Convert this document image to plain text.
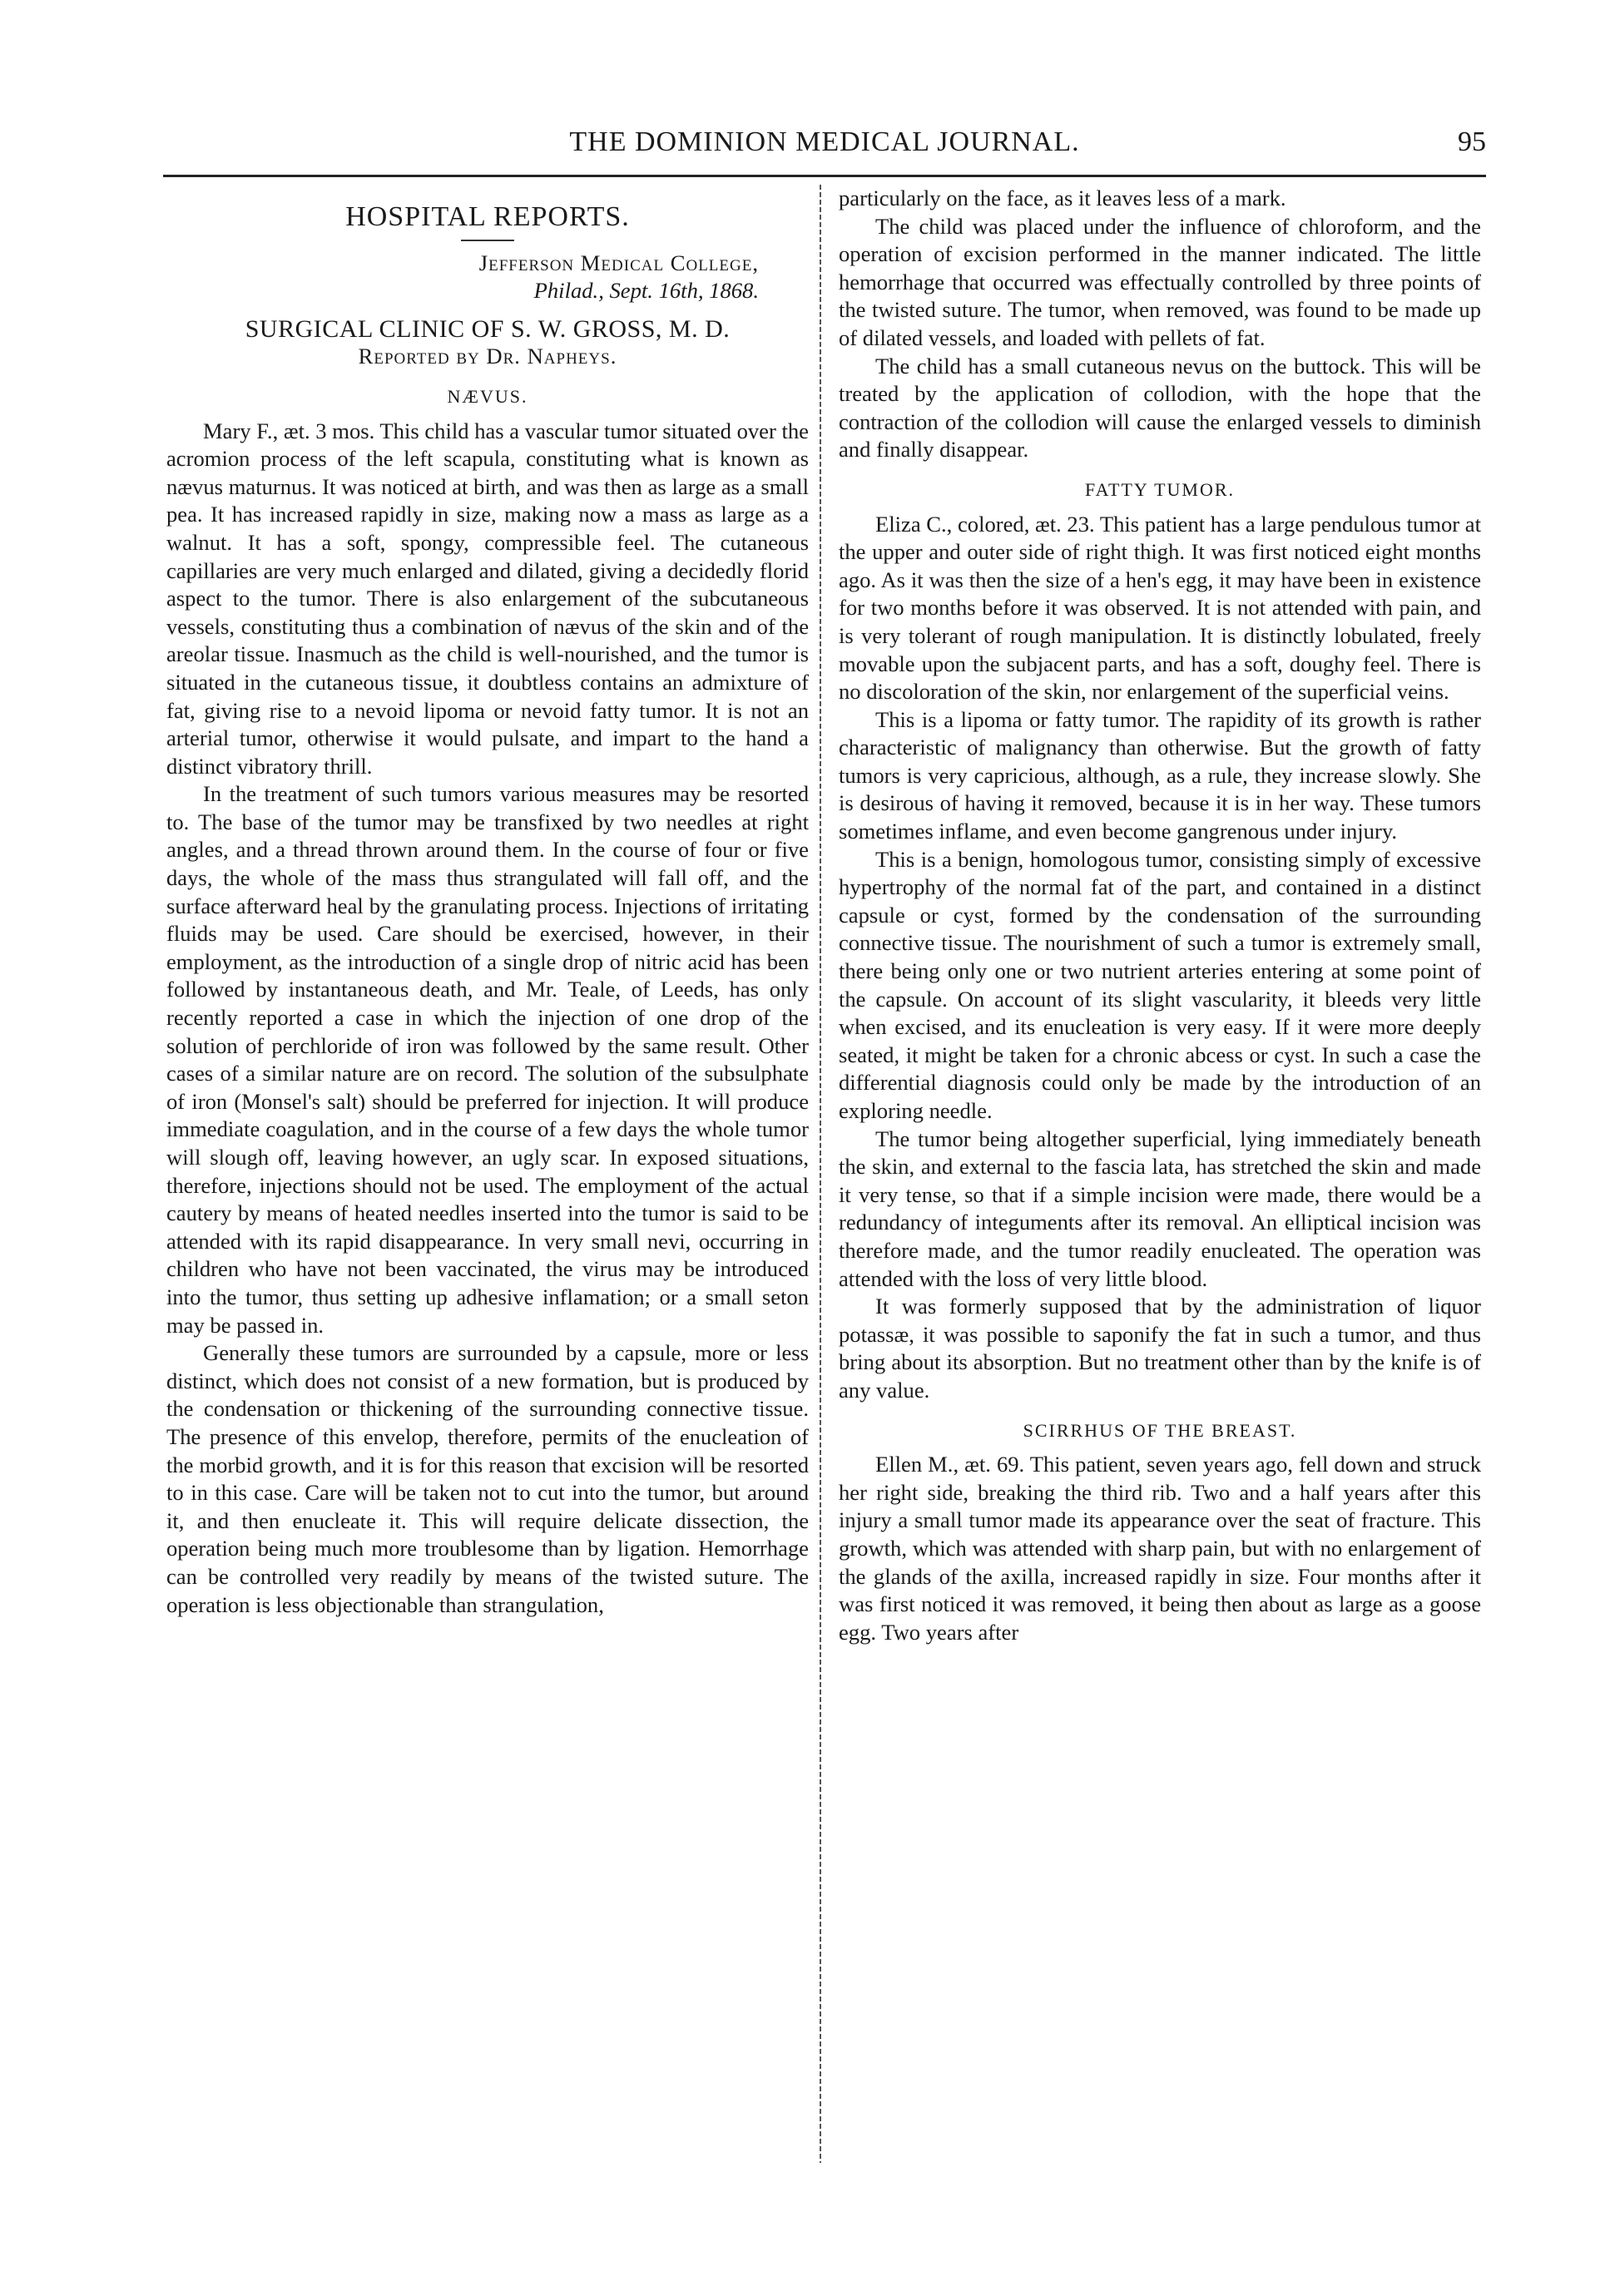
THE DOMINION MEDICAL JOURNAL.	95
HOSPITAL REPORTS.
Jefferson Medical College,
Philad., Sept. 16th, 1868.
SURGICAL CLINIC OF S. W. GROSS, M. D.
Reported by Dr. Napheys.
NÆVUS.

Mary F., æt. 3 mos. This child has a vascular tumor situated over the acromion process of the left scapula, constituting what is known as nævus maturnus. It was noticed at birth, and was then as large as a small pea. It has increased rapidly in size, making now a mass as large as a walnut. It has a soft, spongy, compressible feel. The cutaneous capillaries are very much enlarged and dilated, giving a decidedly florid aspect to the tumor. There is also enlargement of the subcutaneous vessels, constituting thus a combination of nævus of the skin and of the areolar tissue. Inasmuch as the child is well-nourished, and the tumor is situated in the cutaneous tissue, it doubtless contains an admixture of fat, giving rise to a nevoid lipoma or nevoid fatty tumor. It is not an arterial tumor, otherwise it would pulsate, and impart to the hand a distinct vibratory thrill.

In the treatment of such tumors various measures may be resorted to. The base of the tumor may be transfixed by two needles at right angles, and a thread thrown around them. In the course of four or five days, the whole of the mass thus strangulated will fall off, and the surface afterward heal by the granulating process. Injections of irritating fluids may be used. Care should be exercised, however, in their employment, as the introduction of a single drop of nitric acid has been followed by instantaneous death, and Mr. Teale, of Leeds, has only recently reported a case in which the injection of one drop of the solution of perchloride of iron was followed by the same result. Other cases of a similar nature are on record. The solution of the subsulphate of iron (Monsel's salt) should be preferred for injection. It will produce immediate coagulation, and in the course of a few days the whole tumor will slough off, leaving however, an ugly scar. In exposed situations, therefore, injections should not be used. The employment of the actual cautery by means of heated needles inserted into the tumor is said to be attended with its rapid disappearance. In very small nevi, occurring in children who have not been vaccinated, the virus may be introduced into the tumor, thus setting up adhesive inflamation; or a small seton may be passed in.

Generally these tumors are surrounded by a capsule, more or less distinct, which does not consist of a new formation, but is produced by the condensation or thickening of the surrounding connective tissue. The presence of this envelop, therefore, permits of the enucleation of the morbid growth, and it is for this reason that excision will be resorted to in this case. Care will be taken not to cut into the tumor, but around it, and then enucleate it. This will require delicate dissection, the operation being much more troublesome than by ligation. Hemorrhage can be controlled very readily by means of the twisted suture. The operation is less objectionable than strangulation,

particularly on the face, as it leaves less of a mark.

The child was placed under the influence of chloroform, and the operation of excision performed in the manner indicated. The little hemorrhage that occurred was effectually controlled by three points of the twisted suture. The tumor, when removed, was found to be made up of dilated vessels, and loaded with pellets of fat.

The child has a small cutaneous nevus on the buttock. This will be treated by the application of collodion, with the hope that the contraction of the collodion will cause the enlarged vessels to diminish and finally disappear.

FATTY TUMOR.

Eliza C., colored, æt. 23. This patient has a large pendulous tumor at the upper and outer side of right thigh. It was first noticed eight months ago. As it was then the size of a hen's egg, it may have been in existence for two months before it was observed. It is not attended with pain, and is very tolerant of rough manipulation. It is distinctly lobulated, freely movable upon the subjacent parts, and has a soft, doughy feel. There is no discoloration of the skin, nor enlargement of the superficial veins.

This is a lipoma or fatty tumor. The rapidity of its growth is rather characteristic of malignancy than otherwise. But the growth of fatty tumors is very capricious, although, as a rule, they increase slowly. She is desirous of having it removed, because it is in her way. These tumors sometimes inflame, and even become gangrenous under injury.

This is a benign, homologous tumor, consisting simply of excessive hypertrophy of the normal fat of the part, and contained in a distinct capsule or cyst, formed by the condensation of the surrounding connective tissue. The nourishment of such a tumor is extremely small, there being only one or two nutrient arteries entering at some point of the capsule. On account of its slight vascularity, it bleeds very little when excised, and its enucleation is very easy. If it were more deeply seated, it might be taken for a chronic abcess or cyst. In such a case the differential diagnosis could only be made by the introduction of an exploring needle.

The tumor being altogether superficial, lying immediately beneath the skin, and external to the fascia lata, has stretched the skin and made it very tense, so that if a simple incision were made, there would be a redundancy of integuments after its removal. An elliptical incision was therefore made, and the tumor readily enucleated. The operation was attended with the loss of very little blood.

It was formerly supposed that by the administration of liquor potassæ, it was possible to saponify the fat in such a tumor, and thus bring about its absorption. But no treatment other than by the knife is of any value.

SCIRRHUS OF THE BREAST.

Ellen M., æt. 69. This patient, seven years ago, fell down and struck her right side, breaking the third rib. Two and a half years after this injury a small tumor made its appearance over the seat of fracture. This growth, which was attended with sharp pain, but with no enlargement of the glands of the axilla, increased rapidly in size. Four months after it was first noticed it was removed, it being then about as large as a goose egg. Two years after
